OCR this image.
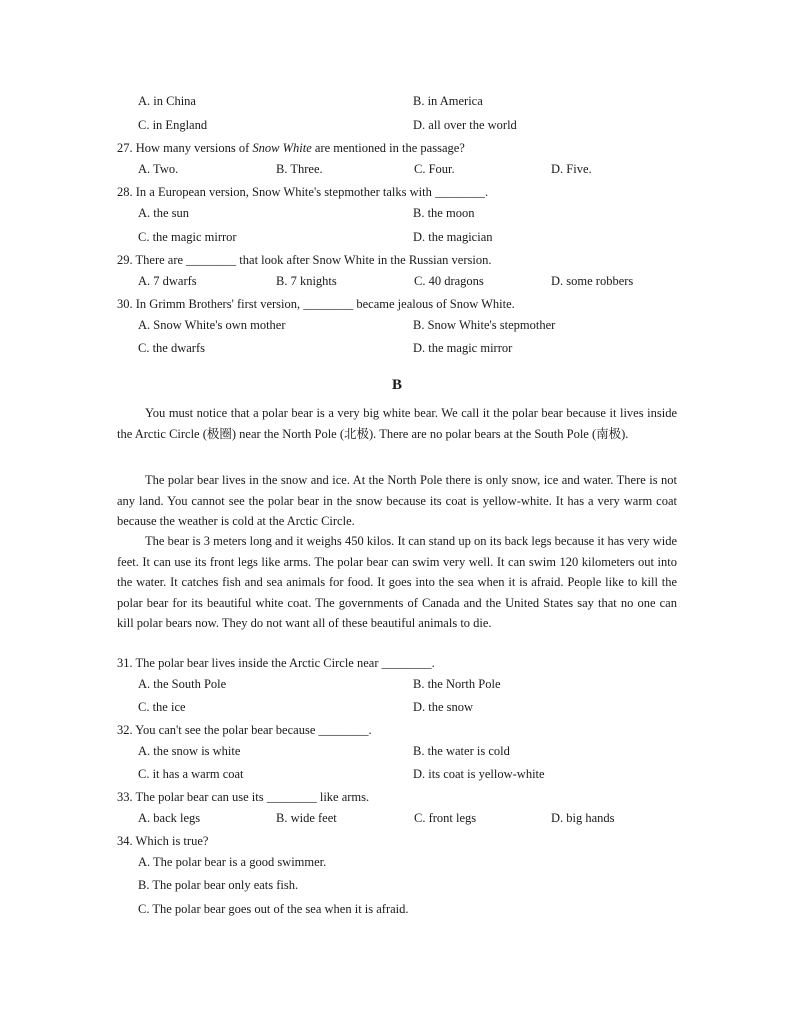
A. in China	B. in America
C. in England	D. all over the world
27. How many versions of Snow White are mentioned in the passage?
A. Two.	B. Three.	C. Four.	D. Five.
28. In a European version, Snow White's stepmother talks with ________.
A. the sun	B. the moon
C. the magic mirror	D. the magician
29. There are ________ that look after Snow White in the Russian version.
A. 7 dwarfs	B. 7 knights	C. 40 dragons	D. some robbers
30. In Grimm Brothers' first version, ________ became jealous of Snow White.
A. Snow White's own mother	B. Snow White's stepmother
C. the dwarfs	D. the magic mirror
B
You must notice that a polar bear is a very big white bear. We call it the polar bear because it lives inside the Arctic Circle (极圈) near the North Pole (北极). There are no polar bears at the South Pole (南极).
The polar bear lives in the snow and ice. At the North Pole there is only snow, ice and water. There is not any land. You cannot see the polar bear in the snow because its coat is yellow-white. It has a very warm coat because the weather is cold at the Arctic Circle.
The bear is 3 meters long and it weighs 450 kilos. It can stand up on its back legs because it has very wide feet. It can use its front legs like arms. The polar bear can swim very well. It can swim 120 kilometers out into the water. It catches fish and sea animals for food. It goes into the sea when it is afraid. People like to kill the polar bear for its beautiful white coat. The governments of Canada and the United States say that no one can kill polar bears now. They do not want all of these beautiful animals to die.
31. The polar bear lives inside the Arctic Circle near ________.
A. the South Pole	B. the North Pole
C. the ice	D. the snow
32. You can't see the polar bear because ________.
A. the snow is white	B. the water is cold
C. it has a warm coat	D. its coat is yellow-white
33. The polar bear can use its ________ like arms.
A. back legs	B. wide feet	C. front legs	D. big hands
34. Which is true?
A. The polar bear is a good swimmer.
B. The polar bear only eats fish.
C. The polar bear goes out of the sea when it is afraid.
